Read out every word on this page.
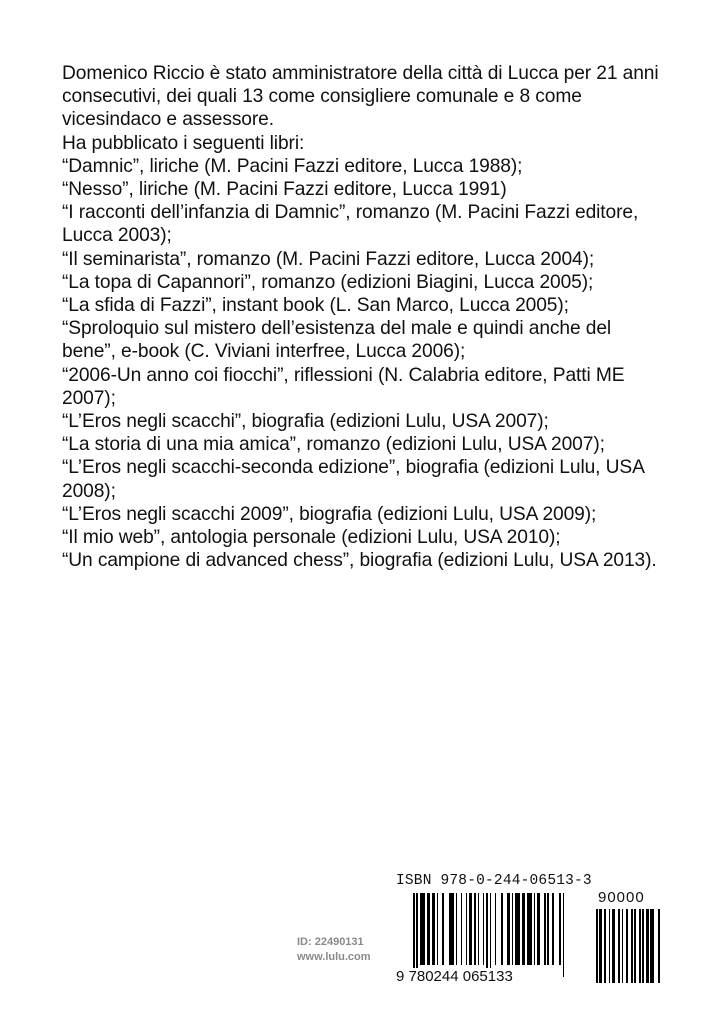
Domenico Riccio è stato amministratore della città di Lucca per 21 anni consecutivi, dei quali 13 come consigliere comunale e 8 come vicesindaco e assessore.

Ha pubblicato i seguenti libri:

“Damnic”, liriche (M. Pacini Fazzi editore, Lucca 1988);

“Nesso”, liriche (M. Pacini Fazzi editore, Lucca 1991)

“I racconti dell’infanzia di Damnic”, romanzo (M. Pacini Fazzi editore, Lucca 2003);

“Il seminarista”, romanzo (M. Pacini Fazzi editore, Lucca 2004);

“La topa di Capannori”, romanzo (edizioni Biagini, Lucca 2005);

“La sfida di Fazzi”, instant book (L. San Marco, Lucca 2005);

“Sproloquio sul mistero dell’esistenza del male e quindi anche del bene”, e-book (C. Viviani interfree, Lucca 2006);

“2006-Un anno coi fiocchi”, riflessioni (N. Calabria editore, Patti ME 2007);

“L’Eros negli scacchi”, biografia (edizioni Lulu, USA 2007);

“La storia di una mia amica”, romanzo (edizioni Lulu, USA 2007);

“L’Eros negli scacchi-seconda edizione”, biografia (edizioni Lulu, USA 2008);

“L’Eros negli scacchi 2009”, biografia (edizioni Lulu, USA 2009);

“Il mio web”, antologia personale (edizioni Lulu, USA 2010);

“Un campione di advanced chess”, biografia (edizioni Lulu, USA 2013).

ID: 22490131
www.lulu.com
ISBN 978-0-244-06513-3
9 780244 065133
90000
